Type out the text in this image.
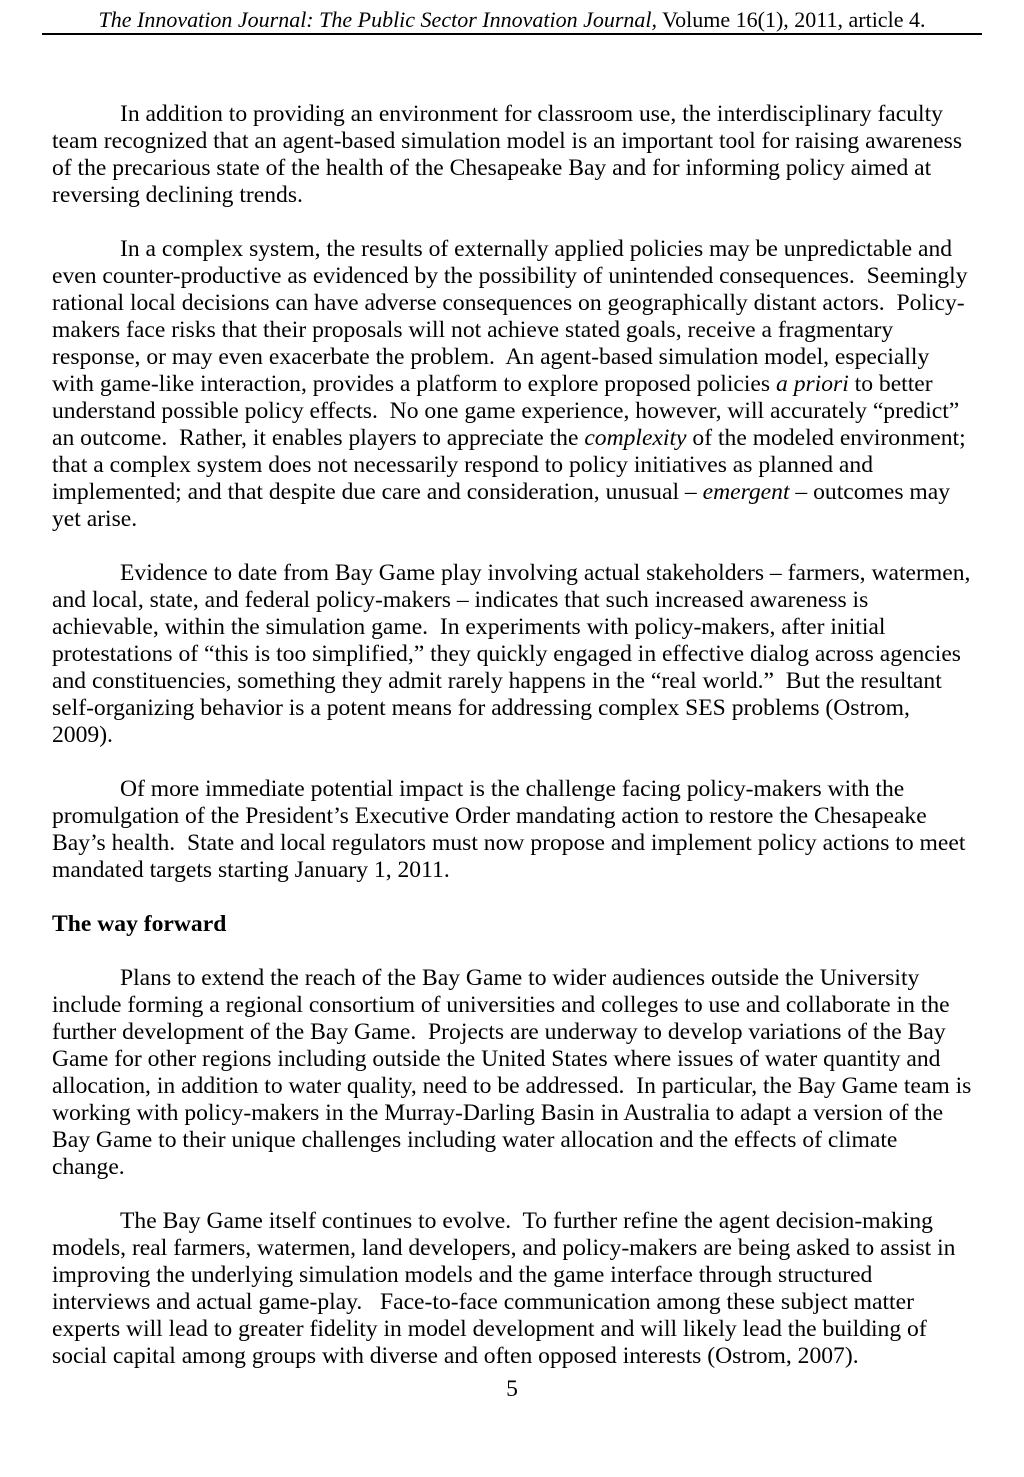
The Innovation Journal: The Public Sector Innovation Journal, Volume 16(1), 2011, article 4.

In addition to providing an environment for classroom use, the interdisciplinary faculty team recognized that an agent-based simulation model is an important tool for raising awareness of the precarious state of the health of the Chesapeake Bay and for informing policy aimed at reversing declining trends.

In a complex system, the results of externally applied policies may be unpredictable and even counter-productive as evidenced by the possibility of unintended consequences.  Seemingly rational local decisions can have adverse consequences on geographically distant actors.  Policy-makers face risks that their proposals will not achieve stated goals, receive a fragmentary response, or may even exacerbate the problem.  An agent-based simulation model, especially with game-like interaction, provides a platform to explore proposed policies a priori to better understand possible policy effects.  No one game experience, however, will accurately “predict” an outcome.  Rather, it enables players to appreciate the complexity of the modeled environment; that a complex system does not necessarily respond to policy initiatives as planned and implemented; and that despite due care and consideration, unusual – emergent – outcomes may yet arise.

Evidence to date from Bay Game play involving actual stakeholders – farmers, watermen, and local, state, and federal policy-makers – indicates that such increased awareness is achievable, within the simulation game.  In experiments with policy-makers, after initial protestations of “this is too simplified,” they quickly engaged in effective dialog across agencies and constituencies, something they admit rarely happens in the “real world.”  But the resultant self-organizing behavior is a potent means for addressing complex SES problems (Ostrom, 2009).

Of more immediate potential impact is the challenge facing policy-makers with the promulgation of the President’s Executive Order mandating action to restore the Chesapeake Bay’s health.  State and local regulators must now propose and implement policy actions to meet mandated targets starting January 1, 2011.

The way forward

Plans to extend the reach of the Bay Game to wider audiences outside the University include forming a regional consortium of universities and colleges to use and collaborate in the further development of the Bay Game.  Projects are underway to develop variations of the Bay Game for other regions including outside the United States where issues of water quantity and allocation, in addition to water quality, need to be addressed.  In particular, the Bay Game team is working with policy-makers in the Murray-Darling Basin in Australia to adapt a version of the Bay Game to their unique challenges including water allocation and the effects of climate change.

The Bay Game itself continues to evolve.  To further refine the agent decision-making models, real farmers, watermen, land developers, and policy-makers are being asked to assist in improving the underlying simulation models and the game interface through structured interviews and actual game-play.   Face-to-face communication among these subject matter experts will lead to greater fidelity in model development and will likely lead the building of social capital among groups with diverse and often opposed interests (Ostrom, 2007).

5
